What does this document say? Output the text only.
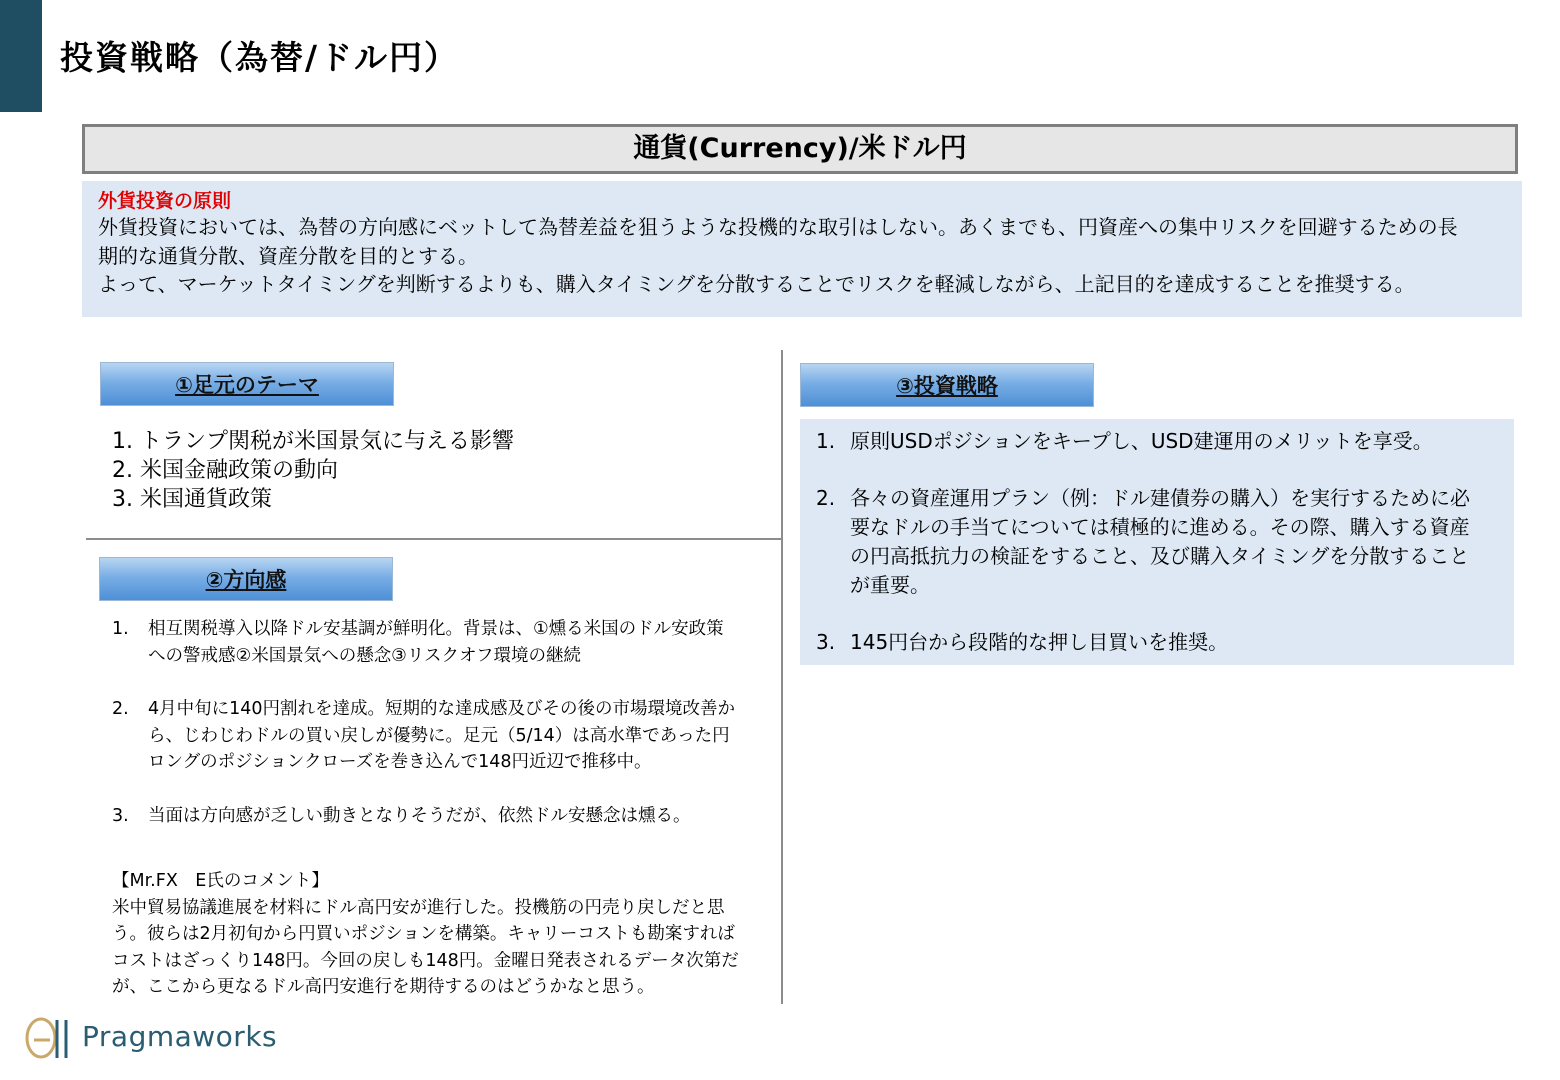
投資戦略（為替/ドル円）
通貨(Currency)/米ドル円
外貨投資の原則

外貨投資においては、為替の方向感にベットして為替差益を狙うような投機的な取引はしない。あくまでも、円資産への集中リスクを回避するための長

期的な通貨分散、資産分散を目的とする。

よって、マーケットタイミングを判断するよりも、購入タイミングを分散することでリスクを軽減しながら、上記目的を達成することを推奨する。

①足元のテーマ
1. トランプ関税が米国景気に与える影響
2. 米国金融政策の動向
3. 米国通貨政策
②方向感
1. 相互関税導入以降ドル安基調が鮮明化。背景は、①燻る米国のドル安政策への警戒感②米国景気への懸念③リスクオフ環境の継続
2. 4月中旬に140円割れを達成。短期的な達成感及びその後の市場環境改善から、じわじわドルの買い戻しが優勢に。足元（5/14）は高水準であった円ロングのポジションクローズを巻き込んで148円近辺で推移中。
3. 当面は方向感が乏しい動きとなりそうだが、依然ドル安懸念は燻る。
【Mr.FX　E氏のコメント】
米中貿易協議進展を材料にドル高円安が進行した。投機筋の円売り戻しだと思う。彼らは2月初旬から円買いポジションを構築。キャリーコストも勘案すればコストはざっくり148円。今回の戻しも148円。金曜日発表されるデータ次第だが、ここから更なるドル高円安進行を期待するのはどうかなと思う。
③投資戦略
1. 原則USDポジションをキープし、USD建運用のメリットを享受。
2. 各々の資産運用プラン（例：ドル建債券の購入）を実行するために必要なドルの手当てについては積極的に進める。その際、購入する資産の円高抵抗力の検証をすること、及び購入タイミングを分散することが重要。
3. 145円台から段階的な押し目買いを推奨。
Pragmaworks
